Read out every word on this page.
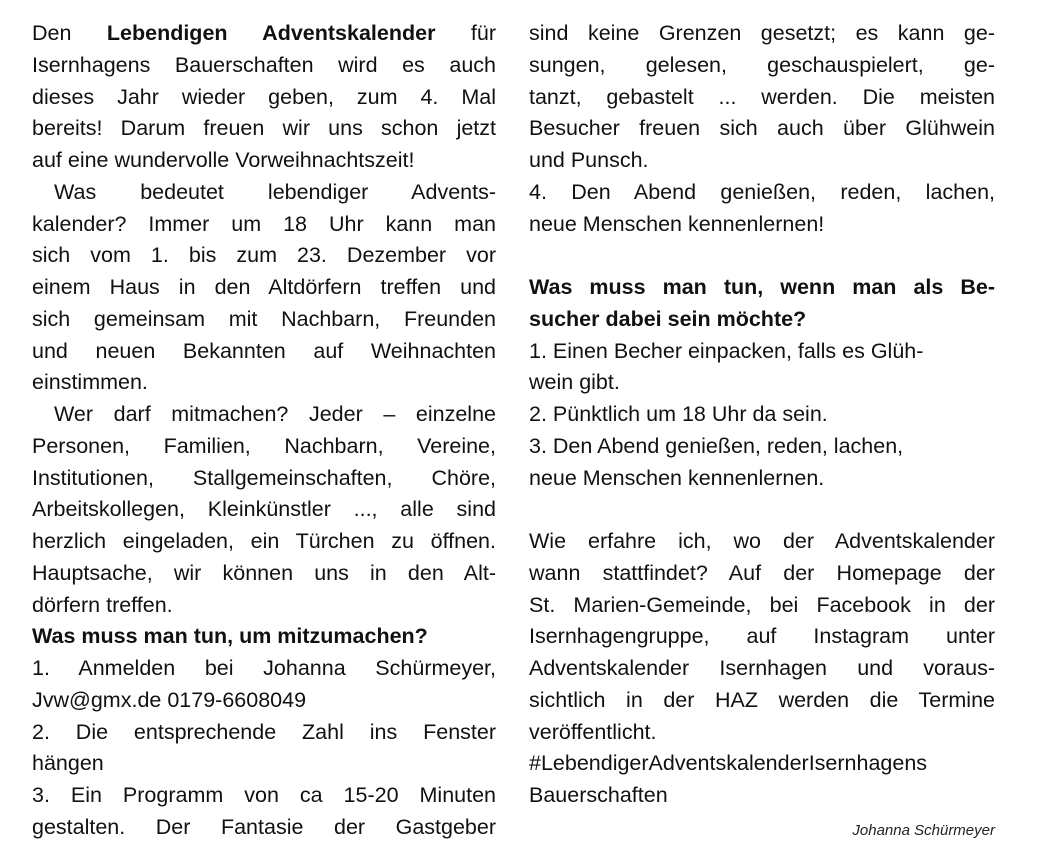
Den Lebendigen Adventskalender für
Isernhagens Bauerschaften wird es auch
dieses Jahr wieder geben, zum 4. Mal
bereits! Darum freuen wir uns schon jetzt
auf eine wundervolle Vorweihnachtszeit!
Was bedeutet lebendiger Advents-
kalender? Immer um 18 Uhr kann man
sich vom 1. bis zum 23. Dezember vor
einem Haus in den Altdörfern treffen und
sich gemeinsam mit Nachbarn, Freunden
und neuen Bekannten auf Weihnachten
einstimmen.
Wer darf mitmachen? Jeder – einzelne
Personen, Familien, Nachbarn, Vereine,
Institutionen, Stallgemeinschaften, Chöre,
Arbeitskollegen, Kleinkünstler ..., alle sind
herzlich eingeladen, ein Türchen zu öffnen.
Hauptsache, wir können uns in den Alt-
dörfern treffen.
Was muss man tun, um mitzumachen?
1. Anmelden bei Johanna Schürmeyer,
Jvw@gmx.de 0179-6608049
2. Die entsprechende Zahl ins Fenster
hängen
3. Ein Programm von ca 15-20 Minuten
gestalten. Der Fantasie der Gastgeber
sind keine Grenzen gesetzt; es kann ge-
sungen, gelesen, geschauspielert, ge-
tanzt, gebastelt ... werden. Die meisten
Besucher freuen sich auch über Glühwein
und Punsch.
4. Den Abend genießen, reden, lachen,
neue Menschen kennenlernen!
Was muss man tun, wenn man als Be-
sucher dabei sein möchte?
1. Einen Becher einpacken, falls es Glüh-
wein gibt.
2. Pünktlich um 18 Uhr da sein.
3. Den Abend genießen, reden, lachen,
neue Menschen kennenlernen.
Wie erfahre ich, wo der Adventskalender
wann stattfindet? Auf der Homepage der
St. Marien-Gemeinde, bei Facebook in der
Isernhagengruppe, auf Instagram unter
Adventskalender Isernhagen und voraus-
sichtlich in der HAZ werden die Termine
veröffentlicht.
#LebendigerAdventskalenderIsernhagens
Bauerschaften
Johanna Schürmeyer
